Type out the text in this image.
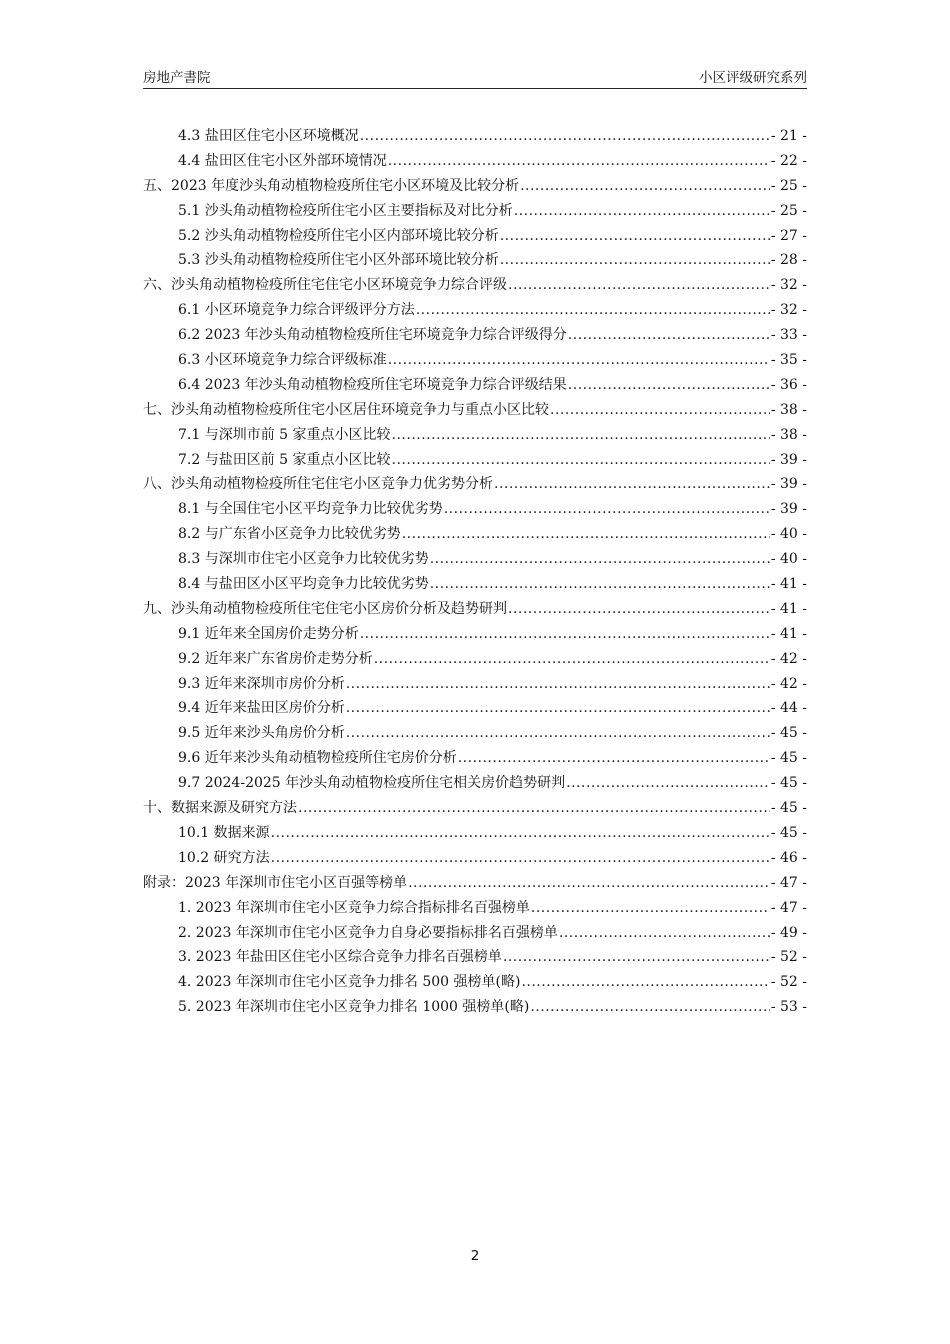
房地产書院	小区评级研究系列
4.3 盐田区住宅小区环境概况 .....	- 21 -
4.4 盐田区住宅小区外部环境情况 .....	- 22 -
五、2023 年度沙头角动植物检疫所住宅小区环境及比较分析 .....	- 25 -
5.1 沙头角动植物检疫所住宅小区主要指标及对比分析 .....	- 25 -
5.2 沙头角动植物检疫所住宅小区内部环境比较分析 .....	- 27 -
5.3 沙头角动植物检疫所住宅小区外部环境比较分析 .....	- 28 -
六、沙头角动植物检疫所住宅住宅小区环境竞争力综合评级 .....	- 32 -
6.1 小区环境竞争力综合评级评分方法 .....	- 32 -
6.2 2023 年沙头角动植物检疫所住宅环境竞争力综合评级得分 .....	- 33 -
6.3 小区环境竞争力综合评级标准 .....	- 35 -
6.4 2023 年沙头角动植物检疫所住宅环境竞争力综合评级结果 .....	- 36 -
七、沙头角动植物检疫所住宅小区居住环境竞争力与重点小区比较 .....	- 38 -
7.1 与深圳市前 5 家重点小区比较 .....	- 38 -
7.2 与盐田区前 5 家重点小区比较 .....	- 39 -
八、沙头角动植物检疫所住宅住宅小区竞争力优劣势分析 .....	- 39 -
8.1 与全国住宅小区平均竞争力比较优劣势 .....	- 39 -
8.2 与广东省小区竞争力比较优劣势 .....	- 40 -
8.3 与深圳市住宅小区竞争力比较优劣势 .....	- 40 -
8.4 与盐田区小区平均竞争力比较优劣势 .....	- 41 -
九、沙头角动植物检疫所住宅住宅小区房价分析及趋势研判 .....	- 41 -
9.1 近年来全国房价走势分析 .....	- 41 -
9.2 近年来广东省房价走势分析 .....	- 42 -
9.3 近年来深圳市房价分析 .....	- 42 -
9.4 近年来盐田区房价分析 .....	- 44 -
9.5 近年来沙头角房价分析 .....	- 45 -
9.6 近年来沙头角动植物检疫所住宅房价分析 .....	- 45 -
9.7 2024-2025 年沙头角动植物检疫所住宅相关房价趋势研判 .....	- 45 -
十、数据来源及研究方法 .....	- 45 -
10.1 数据来源 .....	- 45 -
10.2 研究方法 .....	- 46 -
附录：2023 年深圳市住宅小区百强等榜单 .....	- 47 -
1. 2023 年深圳市住宅小区竞争力综合指标排名百强榜单 .....	- 47 -
2. 2023 年深圳市住宅小区竞争力自身必要指标排名百强榜单 .....	- 49 -
3. 2023 年盐田区住宅小区综合竞争力排名百强榜单 .....	- 52 -
4. 2023 年深圳市住宅小区竞争力排名 500 强榜单(略) .....	- 52 -
5. 2023 年深圳市住宅小区竞争力排名 1000 强榜单(略) .....	- 53 -
2
